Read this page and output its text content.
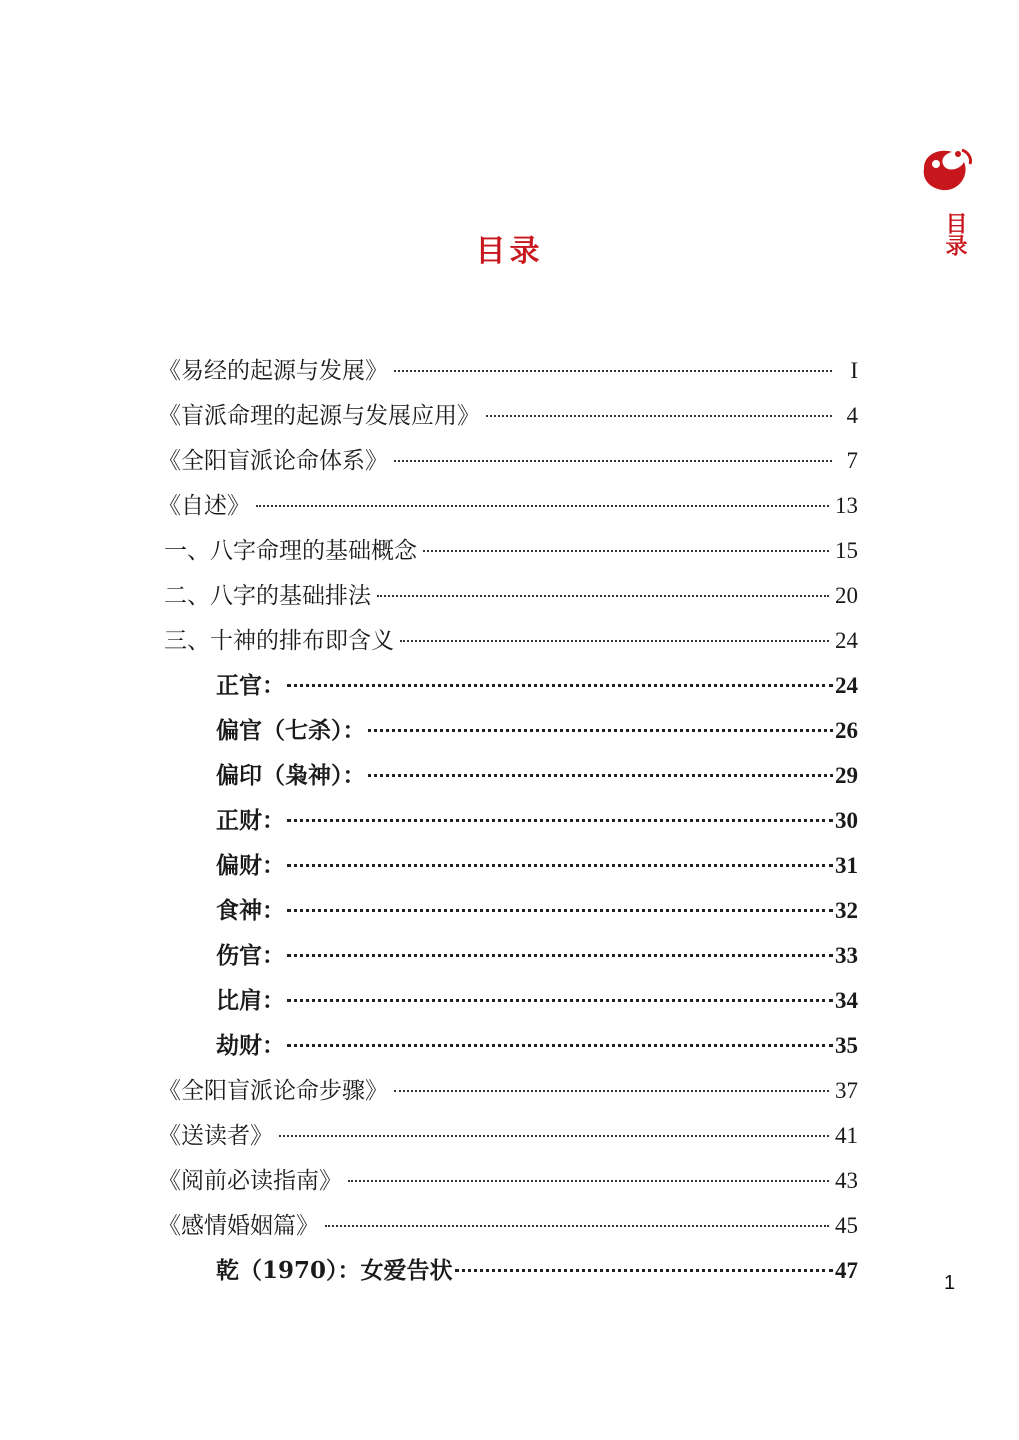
目录
目录
《易经的起源与发展》	I
《盲派命理的起源与发展应用》	4
《全阳盲派论命体系》	7
《自述》	13
一、八字命理的基础概念	15
二、八字的基础排法	20
三、十神的排布即含义	24
正官：	24
偏官（七杀）：	26
偏印（枭神）：	29
正财：	30
偏财：	31
食神：	32
伤官：	33
比肩：	34
劫财：	35
《全阳盲派论命步骤》	37
《送读者》	41
《阅前必读指南》	43
《感情婚姻篇》	45
乾（1970）：女爱告状	47	1
